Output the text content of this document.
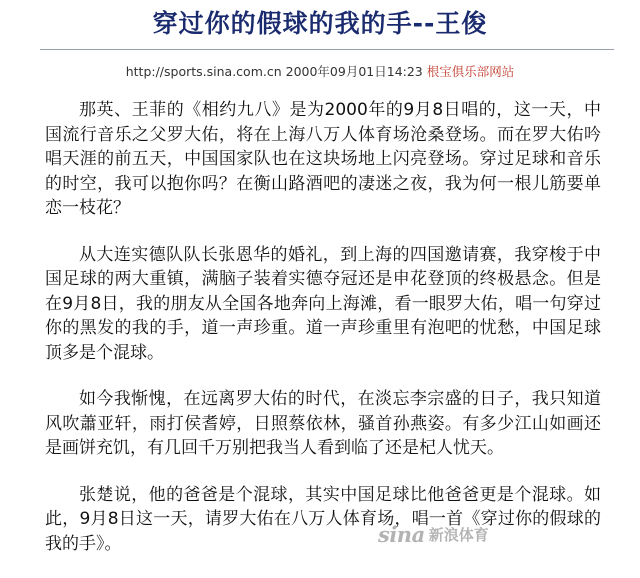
穿过你的假球的我的手--王俊
http://sports.sina.com.cn 2000年09月01日14:23 根宝俱乐部网站

那英、王菲的《相约九八》是为2000年的9月8日唱的，这一天，中国流行音乐之父罗大佑，将在上海八万人体育场沧桑登场。而在罗大佑吟唱天涯的前五天，中国国家队也在这块场地上闪亮登场。穿过足球和音乐的时空，我可以抱你吗？在衡山路酒吧的凄迷之夜，我为何一根儿筋要单恋一枝花？

从大连实德队队长张恩华的婚礼，到上海的四国邀请赛，我穿梭于中国足球的两大重镇，满脑子装着实德夺冠还是申花登顶的终极悬念。但是在9月8日，我的朋友从全国各地奔向上海滩，看一眼罗大佑，唱一句穿过你的黑发的我的手，道一声珍重。道一声珍重里有泡吧的忧愁，中国足球顶多是个混球。

如今我惭愧，在远离罗大佑的时代，在淡忘李宗盛的日子，我只知道风吹蕭亚轩，雨打侯耆婷，日照蔡依林，骚首孙燕姿。有多少江山如画还是画饼充饥，有几回千万别把我当人看到临了还是杞人忧天。

张楚说，他的爸爸是个混球，其实中国足球比他爸爸更是个混球。如此，9月8日这一天，请罗大佑在八万人体育场，唱一首《穿过你的假球的我的手》。	sina 新浪体育
